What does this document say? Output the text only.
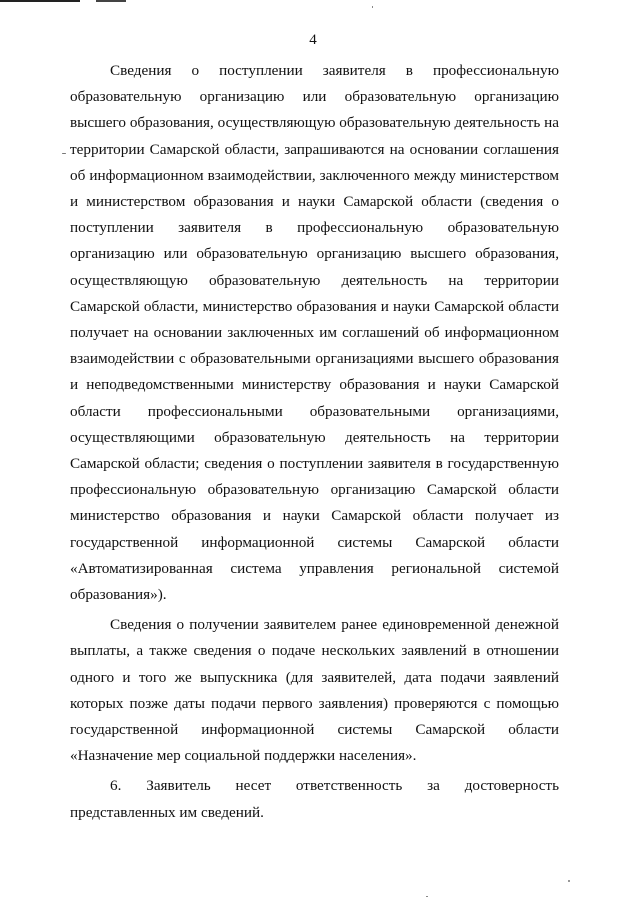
4

Сведения о поступлении заявителя в профессиональную образовательную организацию или образовательную организацию высшего образования, осуществляющую образовательную деятельность на территории Самарской области, запрашиваются на основании соглашения об информационном взаимодействии, заключенного между министерством и министерством образования и науки Самарской области (сведения о поступлении заявителя в профессиональную образовательную организацию или образовательную организацию высшего образования, осуществляющую образовательную деятельность на территории Самарской области, министерство образования и науки Самарской области получает на основании заключенных им соглашений об информационном взаимодействии с образовательными организациями высшего образования и неподведомственными министерству образования и науки Самарской области профессиональными образовательными организациями, осуществляющими образовательную деятельность на территории Самарской области; сведения о поступлении заявителя в государственную профессиональную образовательную организацию Самарской области министерство образования и науки Самарской области получает из государственной информационной системы Самарской области «Автоматизированная система управления региональной системой образования»).

Сведения о получении заявителем ранее единовременной денежной выплаты, а также сведения о подаче нескольких заявлений в отношении одного и того же выпускника (для заявителей, дата подачи заявлений которых позже даты подачи первого заявления) проверяются с помощью государственной информационной системы Самарской области «Назначение мер социальной поддержки населения».

6. Заявитель несет ответственность за достоверность представленных им сведений.
